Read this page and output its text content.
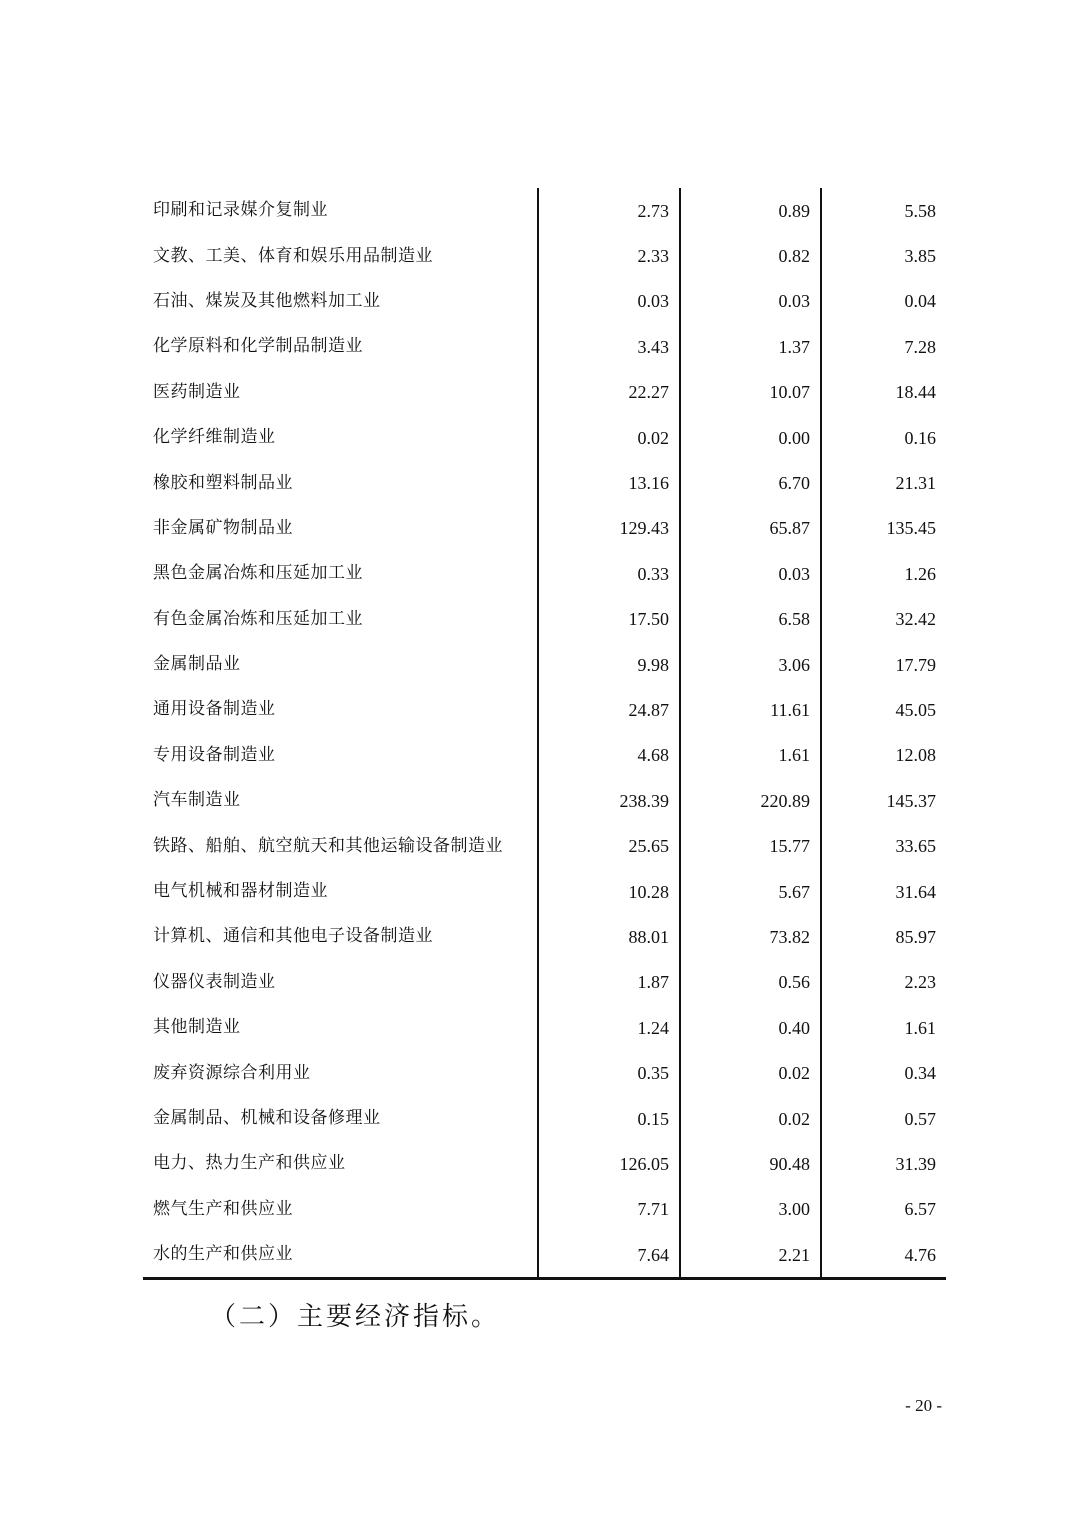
印刷和记录媒介复制业	2.73	0.89	5.58
文教、工美、体育和娱乐用品制造业	2.33	0.82	3.85
石油、煤炭及其他燃料加工业	0.03	0.03	0.04
化学原料和化学制品制造业	3.43	1.37	7.28
医药制造业	22.27	10.07	18.44
化学纤维制造业	0.02	0.00	0.16
橡胶和塑料制品业	13.16	6.70	21.31
非金属矿物制品业	129.43	65.87	135.45
黑色金属冶炼和压延加工业	0.33	0.03	1.26
有色金属冶炼和压延加工业	17.50	6.58	32.42
金属制品业	9.98	3.06	17.79
通用设备制造业	24.87	11.61	45.05
专用设备制造业	4.68	1.61	12.08
汽车制造业	238.39	220.89	145.37
铁路、船舶、航空航天和其他运输设备制造业	25.65	15.77	33.65
电气机械和器材制造业	10.28	5.67	31.64
计算机、通信和其他电子设备制造业	88.01	73.82	85.97
仪器仪表制造业	1.87	0.56	2.23
其他制造业	1.24	0.40	1.61
废弃资源综合利用业	0.35	0.02	0.34
金属制品、机械和设备修理业	0.15	0.02	0.57
电力、热力生产和供应业	126.05	90.48	31.39
燃气生产和供应业	7.71	3.00	6.57
水的生产和供应业	7.64	2.21	4.76
（二）主要经济指标。
- 20 -
